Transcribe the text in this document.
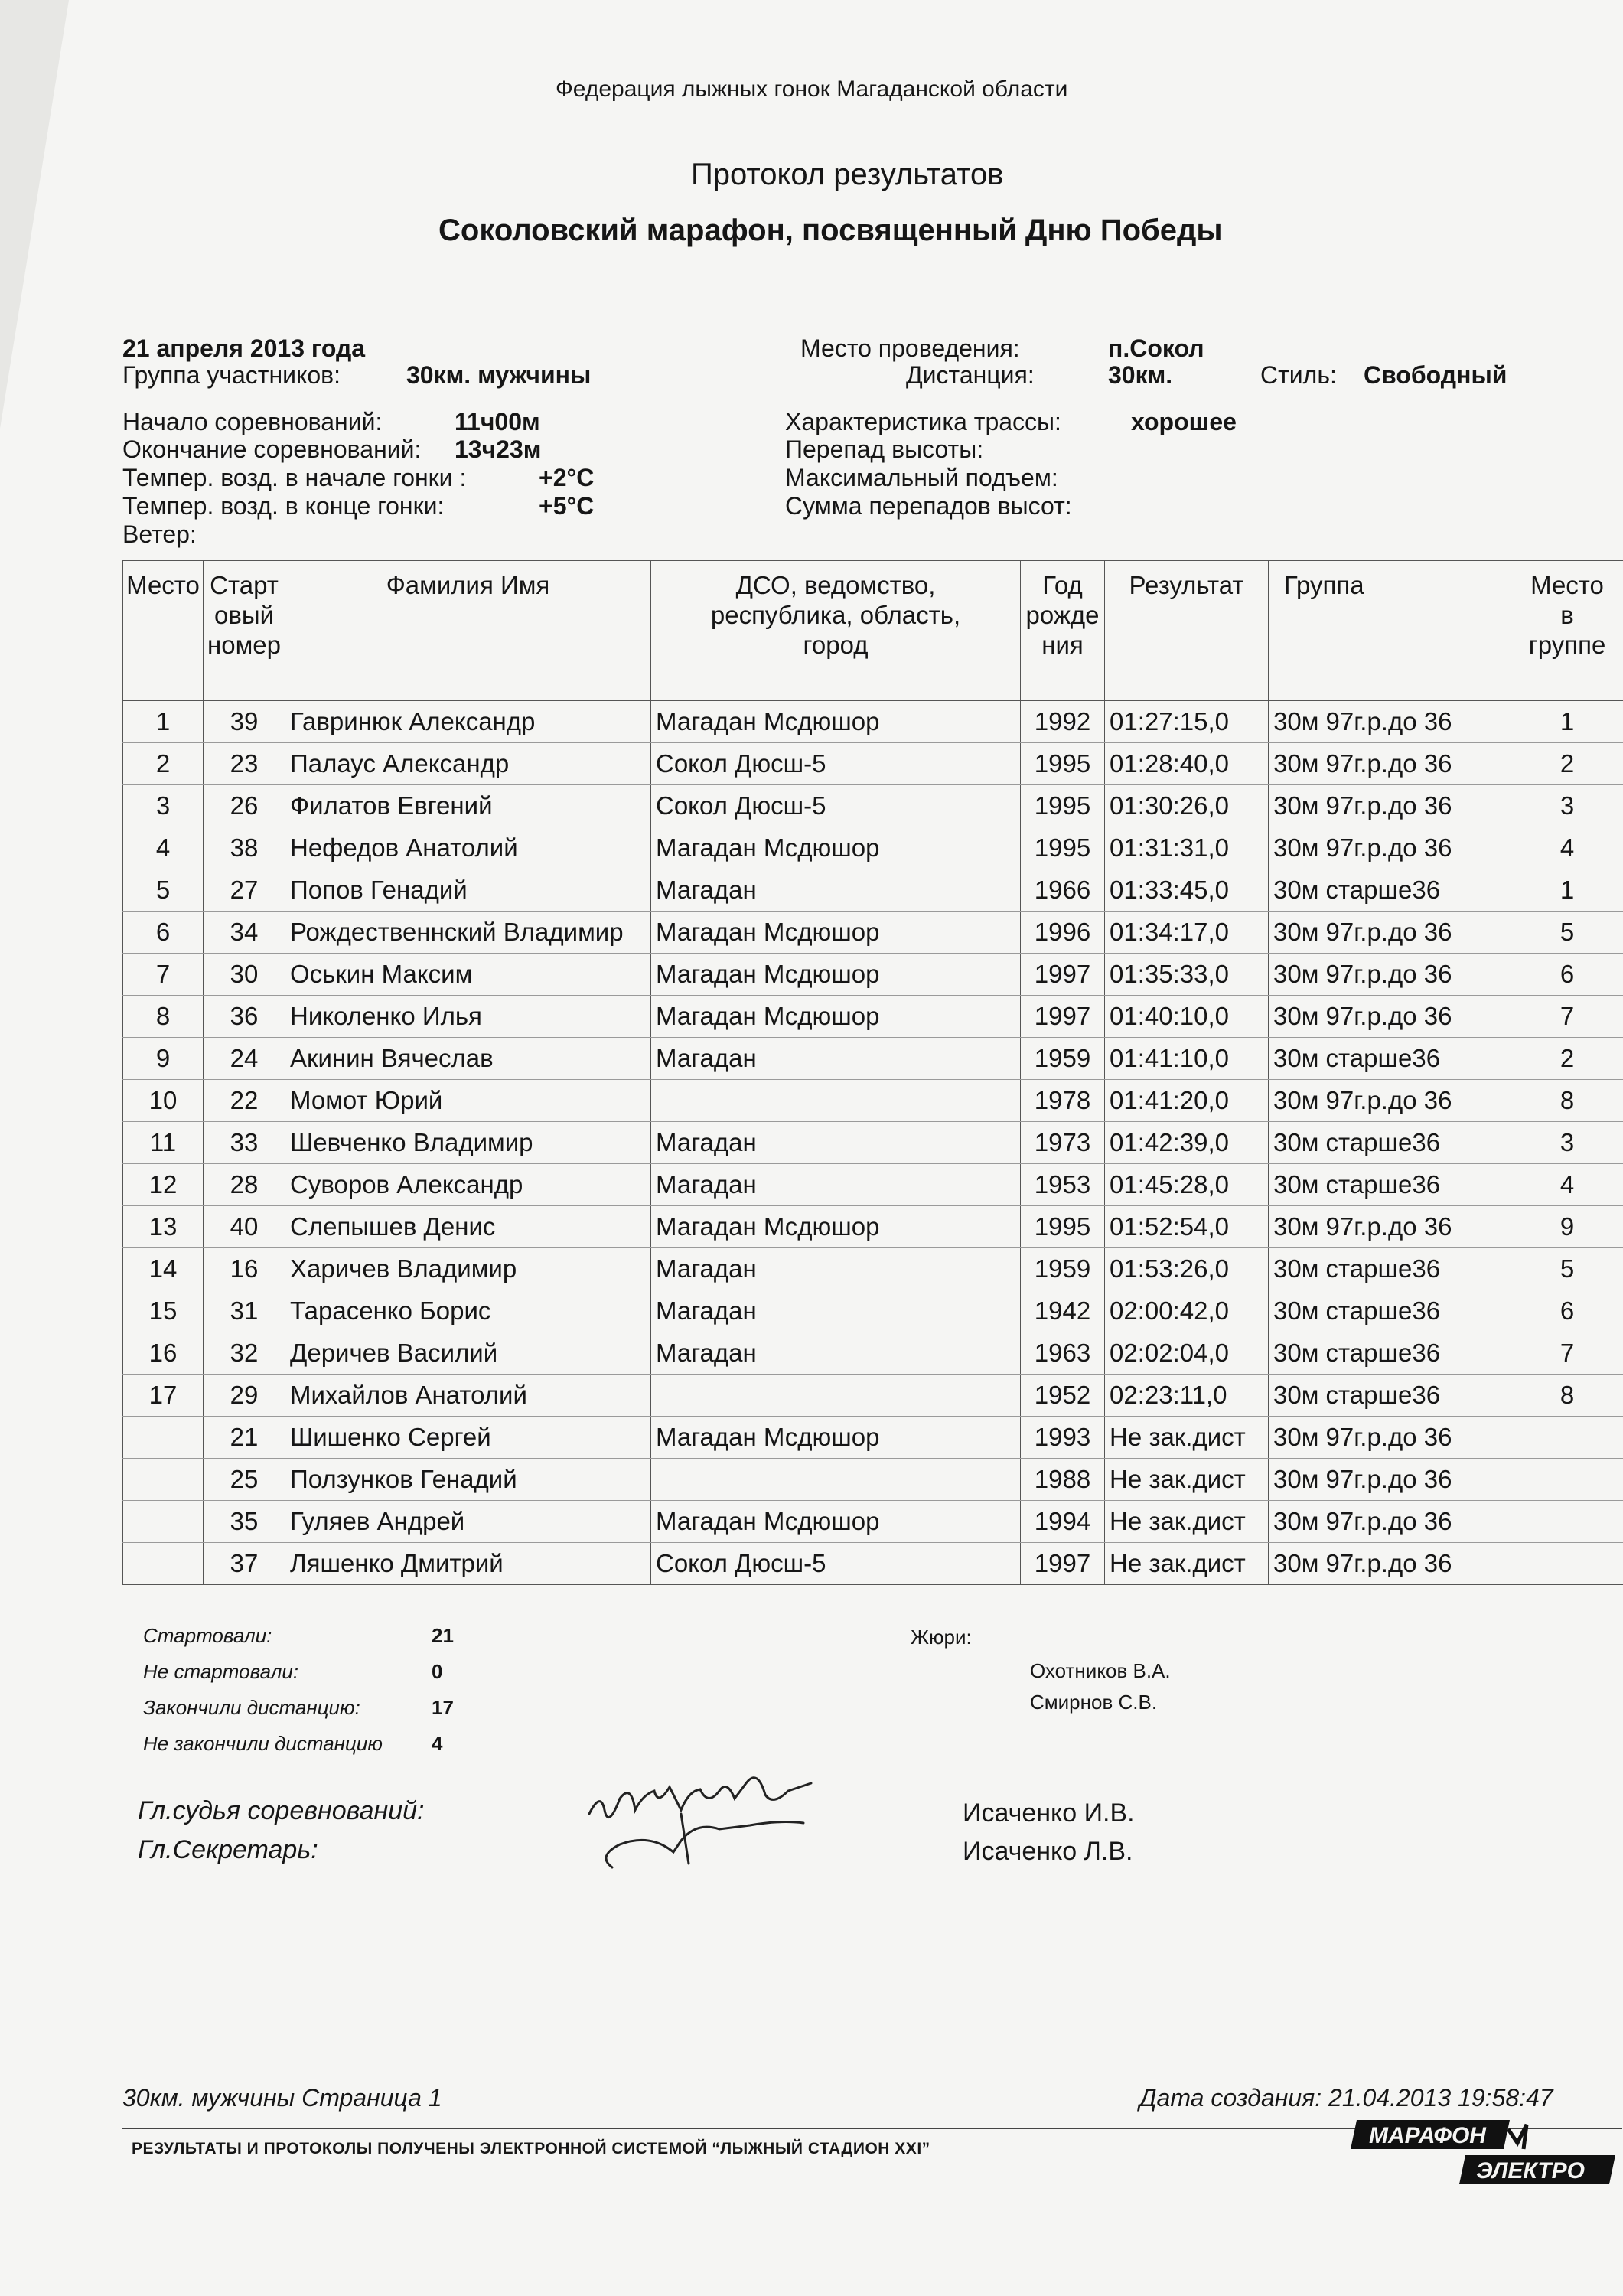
Федерация лыжных гонок Магаданской области
Протокол результатов
Соколовский марафон, посвященный Дню Победы
21 апреля 2013 года
Группа участников:	30км. мужчины
Начало соревнований:	11ч00м
Окончание соревнований: 13ч23м
Темпер. возд. в начале гонки :	+2°C
Темпер. возд. в конце гонки:	+5°C
Ветер:
Место проведения:	п.Сокол
Дистанция:	30км.	Стиль: Свободный
Характеристика трассы:	хорошее
Перепад высоты:
Максимальный подъем:
Сумма перепадов высот:
Место	Старт
овый
номер	Фамилия Имя	ДСО, ведомство,
республика, область,
город	Год
рожде
ния	Результат	Группа	Место
в
группе
1	39	Гавринюк Александр	Магадан Мсдюшор	1992	01:27:15,0	30м 97г.р.до 36	1
2	23	Палаус Александр	Сокол Дюсш-5	1995	01:28:40,0	30м 97г.р.до 36	2
3	26	Филатов Евгений	Сокол Дюсш-5	1995	01:30:26,0	30м 97г.р.до 36	3
4	38	Нефедов Анатолий	Магадан Мсдюшор	1995	01:31:31,0	30м 97г.р.до 36	4
5	27	Попов Генадий	Магадан	1966	01:33:45,0	30м старше36	1
6	34	Рождественнский Владимир	Магадан Мсдюшор	1996	01:34:17,0	30м 97г.р.до 36	5
7	30	Оськин Максим	Магадан Мсдюшор	1997	01:35:33,0	30м 97г.р.до 36	6
8	36	Николенко Илья	Магадан Мсдюшор	1997	01:40:10,0	30м 97г.р.до 36	7
9	24	Акинин Вячеслав	Магадан	1959	01:41:10,0	30м старше36	2
10	22	Момот Юрий		1978	01:41:20,0	30м 97г.р.до 36	8
11	33	Шевченко Владимир	Магадан	1973	01:42:39,0	30м старше36	3
12	28	Суворов Александр	Магадан	1953	01:45:28,0	30м старше36	4
13	40	Слепышев Денис	Магадан Мсдюшор	1995	01:52:54,0	30м 97г.р.до 36	9
14	16	Харичев Владимир	Магадан	1959	01:53:26,0	30м старше36	5
15	31	Тарасенко Борис	Магадан	1942	02:00:42,0	30м старше36	6
16	32	Деричев Василий	Магадан	1963	02:02:04,0	30м старше36	7
17	29	Михайлов Анатолий		1952	02:23:11,0	30м старше36	8
	21	Шишенко Сергей	Магадан Мсдюшор	1993	Не зак.дист	30м 97г.р.до 36	
	25	Ползунков Генадий		1988	Не зак.дист	30м 97г.р.до 36	
	35	Гуляев Андрей	Магадан Мсдюшор	1994	Не зак.дист	30м 97г.р.до 36	
	37	Ляшенко Дмитрий	Сокол Дюсш-5	1997	Не зак.дист	30м 97г.р.до 36	
Стартовали:	21
Не стартовали:	0
Закончили дистанцию:	17
Не закончили дистанцию 4
Жюри:
Охотников В.А.
Смирнов С.В.
Гл.судья соревнований:
Гл.Секретарь:
Исаченко И.В.
Исаченко Л.В.
30км. мужчины Страница 1	Дата создания: 21.04.2013 19:58:47
РЕЗУЛЬТАТЫ И ПРОТОКОЛЫ ПОЛУЧЕНЫ ЭЛЕКТРОННОЙ СИСТЕМОЙ “ЛЫЖНЫЙ СТАДИОН XXI”
МАРАФОН
ЭЛЕКТРО
